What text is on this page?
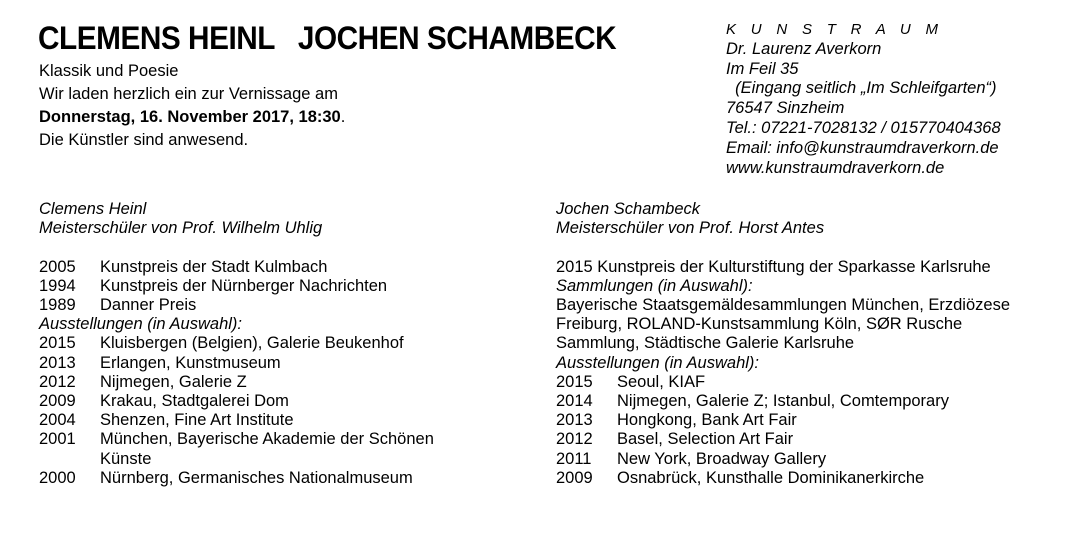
CLEMENS HEINL   JOCHEN SCHAMBECK
Klassik und Poesie
Wir laden herzlich ein zur Vernissage am
Donnerstag, 16. November 2017, 18:30.
Die Künstler sind anwesend.
K U N S T R A U M
Dr. Laurenz Averkorn
Im Feil 35
(Eingang seitlich „Im Schleifgarten“)
76547 Sinzheim
Tel.: 07221-7028132 / 015770404368
Email: info@kunstraumdraverkorn.de
www.kunstraumdraverkorn.de
Clemens Heinl
Meisterschüler von Prof. Wilhelm Uhlig
2005	Kunstpreis der Stadt Kulmbach
1994	Kunstpreis der Nürnberger Nachrichten
1989	Danner Preis
Ausstellungen (in Auswahl):
2015	Kluisbergen (Belgien), Galerie Beukenhof
2013	Erlangen, Kunstmuseum
2012	Nijmegen, Galerie Z
2009	Krakau, Stadtgalerei Dom
2004	Shenzen, Fine Art Institute
2001	München, Bayerische Akademie der Schönen Künste
2000	Nürnberg, Germanisches Nationalmuseum
Jochen Schambeck
Meisterschüler von Prof. Horst Antes
2015 Kunstpreis der Kulturstiftung der Sparkasse Karlsruhe
Sammlungen (in Auswahl):
Bayerische Staatsgemäldesammlungen München, Erzdiözese Freiburg, ROLAND-Kunstsammlung Köln, SØR Rusche Sammlung, Städtische Galerie Karlsruhe
Ausstellungen (in Auswahl):
2015	Seoul, KIAF
2014	Nijmegen, Galerie Z; Istanbul, Comtemporary
2013	Hongkong, Bank Art Fair
2012	Basel, Selection Art Fair
2011	New York, Broadway Gallery
2009	Osnabrück, Kunsthalle Dominikanerkirche
